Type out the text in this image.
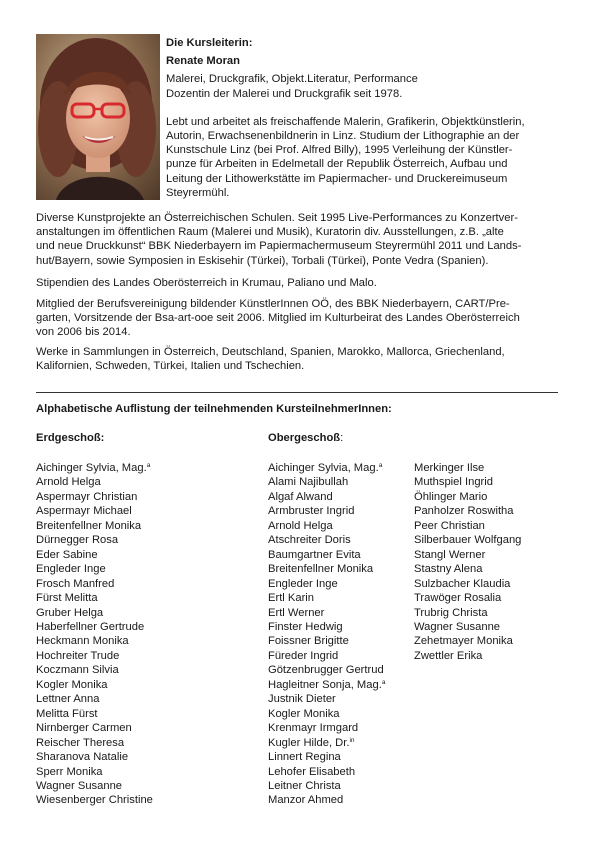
Die Kursleiterin:
Renate Moran
Malerei, Druckgrafik, Objekt.Literatur, Performance
Dozentin der Malerei und Druckgrafik seit 1978.
Lebt und arbeitet als freischaffende Malerin, Grafikerin, Objektkünstlerin,
Autorin, Erwachsenenbildnerin in Linz. Studium der Lithographie an der
Kunstschule Linz (bei Prof. Alfred Billy), 1995 Verleihung der Künstler-
punze für Arbeiten in Edelmetall der Republik Österreich, Aufbau und
Leitung der Lithowerkstätte im Papiermacher- und Druckereimuseum
Steyrermühl.
Diverse Kunstprojekte an Österreichischen Schulen. Seit 1995 Live-Performances zu Konzertver-
anstaltungen im öffentlichen Raum (Malerei und Musik), Kuratorin div. Ausstellungen, z.B. „alte
und neue Druckkunst“ BBK Niederbayern im Papiermachermuseum Steyrermühl 2011 und Lands-
hut/Bayern, sowie Symposien in Eskisehir (Türkei), Torbali (Türkei), Ponte Vedra (Spanien).
Stipendien des Landes Oberösterreich in Krumau, Paliano und Malo.
Mitglied der Berufsvereinigung bildender KünstlerInnen OÖ, des BBK Niederbayern, CART/Pre-
garten, Vorsitzende der Bsa-art-ooe seit 2006. Mitglied im Kulturbeirat des Landes Oberösterreich
von 2006 bis 2014.
Werke in Sammlungen in Österreich, Deutschland, Spanien, Marokko, Mallorca, Griechenland,
Kalifornien, Schweden, Türkei, Italien und Tschechien.
Alphabetische Auflistung der teilnehmenden KursteilnehmerInnen:
Erdgeschoß:	Obergeschoß:
Aichinger Sylvia, Mag.$^a$
Arnold Helga
Aspermayr Christian
Aspermayr Michael
Breitenfellner Monika
Dürnegger Rosa
Eder Sabine
Engleder Inge
Frosch Manfred
Fürst Melitta
Gruber Helga
Haberfellner Gertrude
Heckmann Monika
Hochreiter Trude
Koczmann Silvia
Kogler Monika
Lettner Anna
Melitta Fürst
Nirnberger Carmen
Reischer Theresa
Sharanova Natalie
Sperr Monika
Wagner Susanne
Wiesenberger Christine
Aichinger Sylvia, Mag.$^a$
Alami Najibullah
Algaf Alwand
Armbruster Ingrid
Arnold Helga
Atschreiter Doris
Baumgartner Evita
Breitenfellner Monika
Engleder Inge
Ertl Karin
Ertl Werner
Finster Hedwig
Foissner Brigitte
Füreder Ingrid
Götzenbrugger Gertrud
Hagleitner Sonja, Mag.$^a$
Justnik Dieter
Kogler Monika
Krenmayr Irmgard
Kugler Hilde, Dr.$^{in}$
Linnert Regina
Lehofer Elisabeth
Leitner Christa
Manzor Ahmed
Merkinger Ilse
Muthspiel Ingrid
Öhlinger Mario
Panholzer Roswitha
Peer Christian
Silberbauer Wolfgang
Stangl Werner
Stastny Alena
Sulzbacher Klaudia
Trawöger Rosalia
Trubrig Christa
Wagner Susanne
Zehetmayer Monika
Zwettler Erika
